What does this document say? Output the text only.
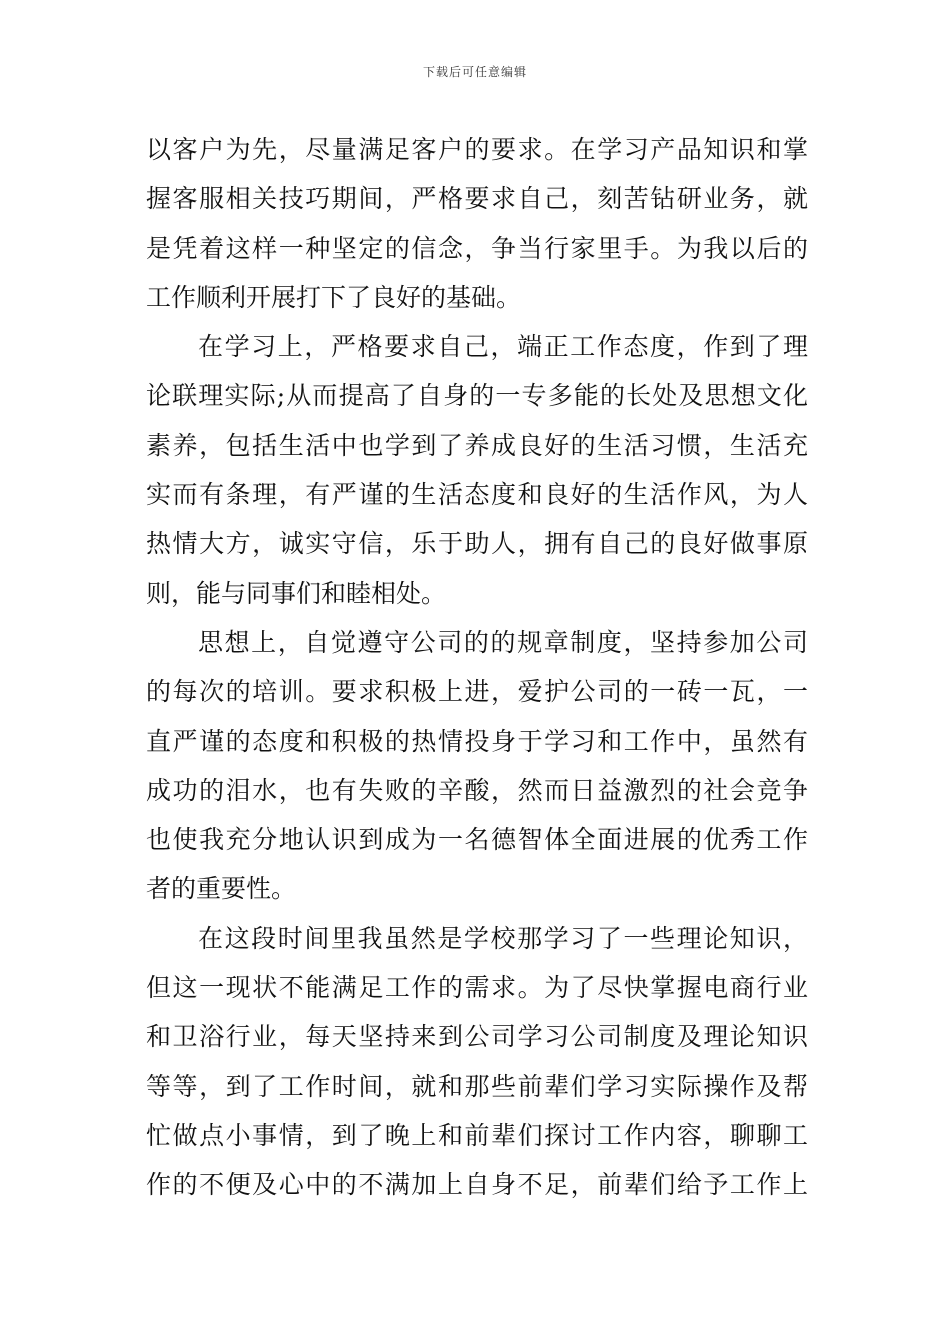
下载后可任意编辑
以客户为先，尽量满足客户的要求。在学习产品知识和掌
握客服相关技巧期间，严格要求自己，刻苦钻研业务，就
是凭着这样一种坚定的信念，争当行家里手。为我以后的
工作顺利开展打下了良好的基础。
在学习上，严格要求自己，端正工作态度，作到了理
论联理实际;从而提高了自身的一专多能的长处及思想文化
素养，包括生活中也学到了养成良好的生活习惯，生活充
实而有条理，有严谨的生活态度和良好的生活作风，为人
热情大方，诚实守信，乐于助人，拥有自己的良好做事原
则，能与同事们和睦相处。
思想上，自觉遵守公司的的规章制度，坚持参加公司
的每次的培训。要求积极上进，爱护公司的一砖一瓦，一
直严谨的态度和积极的热情投身于学习和工作中，虽然有
成功的泪水，也有失败的辛酸，然而日益激烈的社会竞争
也使我充分地认识到成为一名德智体全面进展的优秀工作
者的重要性。
在这段时间里我虽然是学校那学习了一些理论知识，
但这一现状不能满足工作的需求。为了尽快掌握电商行业
和卫浴行业，每天坚持来到公司学习公司制度及理论知识
等等，到了工作时间，就和那些前辈们学习实际操作及帮
忙做点小事情，到了晚上和前辈们探讨工作内容，聊聊工
作的不便及心中的不满加上自身不足，前辈们给予工作上
